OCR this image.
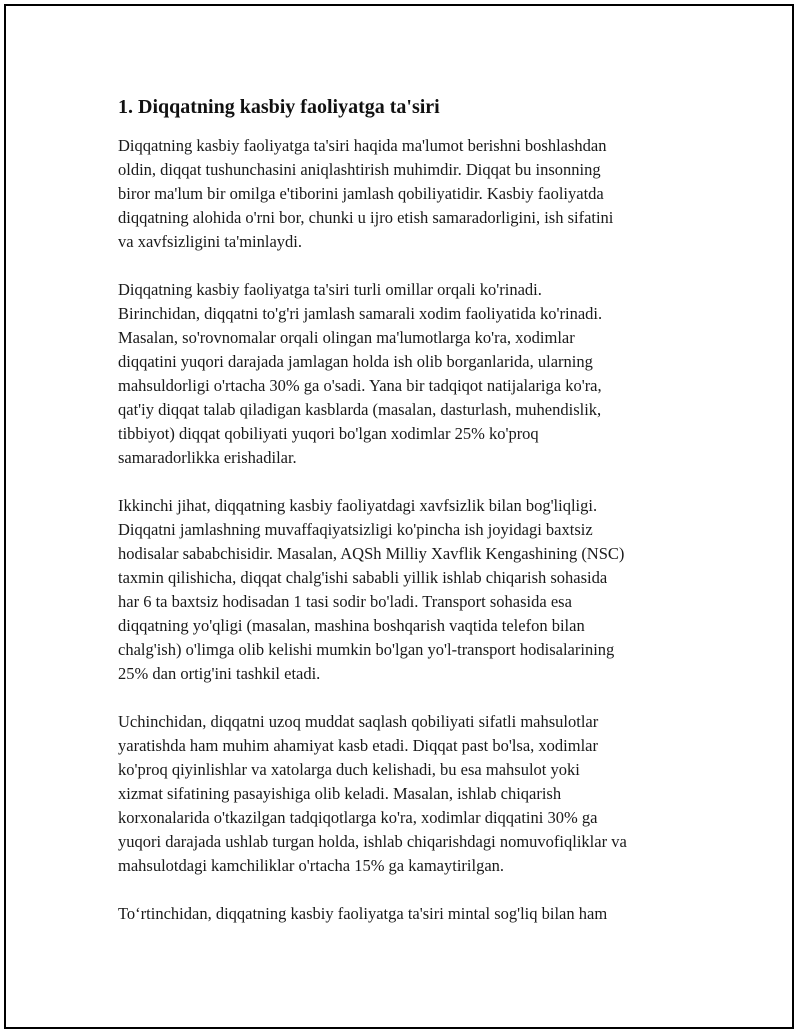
1. Diqqatning kasbiy faoliyatga ta'siri

Diqqatning kasbiy faoliyatga ta'siri haqida ma'lumot berishni boshlashdan
oldin, diqqat tushunchasini aniqlashtirish muhimdir. Diqqat bu insonning
biror ma'lum bir omilga e'tiborini jamlash qobiliyatidir. Kasbiy faoliyatda
diqqatning alohida o'rni bor, chunki u ijro etish samaradorligini, ish sifatini
va xavfsizligini ta'minlaydi.

Diqqatning kasbiy faoliyatga ta'siri turli omillar orqali ko'rinadi.
Birinchidan, diqqatni to'g'ri jamlash samarali xodim faoliyatida ko'rinadi.
Masalan, so'rovnomalar orqali olingan ma'lumotlarga ko'ra, xodimlar
diqqatini yuqori darajada jamlagan holda ish olib borganlarida, ularning
mahsuldorligi o'rtacha 30% ga o'sadi. Yana bir tadqiqot natijalariga ko'ra,
qat'iy diqqat talab qiladigan kasblarda (masalan, dasturlash, muhendislik,
tibbiyot) diqqat qobiliyati yuqori bo'lgan xodimlar 25% ko'proq
samaradorlikka erishadilar.

Ikkinchi jihat, diqqatning kasbiy faoliyatdagi xavfsizlik bilan bog'liqligi.
Diqqatni jamlashning muvaffaqiyatsizligi ko'pincha ish joyidagi baxtsiz
hodisalar sababchisidir. Masalan, AQSh Milliy Xavflik Kengashining (NSC)
taxmin qilishicha, diqqat chalg'ishi sababli yillik ishlab chiqarish sohasida
har 6 ta baxtsiz hodisadan 1 tasi sodir bo'ladi. Transport sohasida esa
diqqatning yo'qligi (masalan, mashina boshqarish vaqtida telefon bilan
chalg'ish) o'limga olib kelishi mumkin bo'lgan yo'l-transport hodisalarining
25% dan ortig'ini tashkil etadi.

Uchinchidan, diqqatni uzoq muddat saqlash qobiliyati sifatli mahsulotlar
yaratishda ham muhim ahamiyat kasb etadi. Diqqat past bo'lsa, xodimlar
ko'proq qiyinlishlar va xatolarga duch kelishadi, bu esa mahsulot yoki
xizmat sifatining pasayishiga olib keladi. Masalan, ishlab chiqarish
korxonalarida o'tkazilgan tadqiqotlarga ko'ra, xodimlar diqqatini 30% ga
yuqori darajada ushlab turgan holda, ishlab chiqarishdagi nomuvofiqliklar va
mahsulotdagi kamchiliklar o'rtacha 15% ga kamaytirilgan.

To‘rtinchidan, diqqatning kasbiy faoliyatga ta'siri mintal sog'liq bilan ham
